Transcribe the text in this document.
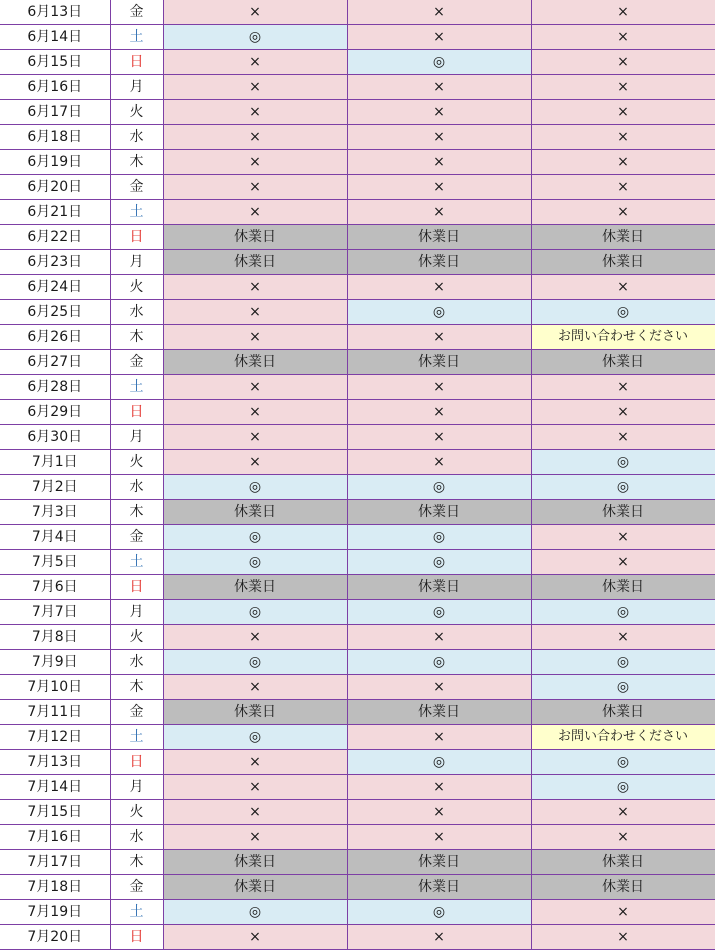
6月13日	金	×	×	×
6月14日	土	◎	×	×
6月15日	日	×	◎	×
6月16日	月	×	×	×
6月17日	火	×	×	×
6月18日	水	×	×	×
6月19日	木	×	×	×
6月20日	金	×	×	×
6月21日	土	×	×	×
6月22日	日	休業日	休業日	休業日
6月23日	月	休業日	休業日	休業日
6月24日	火	×	×	×
6月25日	水	×	◎	◎
6月26日	木	×	×	お問い合わせください
6月27日	金	休業日	休業日	休業日
6月28日	土	×	×	×
6月29日	日	×	×	×
6月30日	月	×	×	×
7月1日	火	×	×	◎
7月2日	水	◎	◎	◎
7月3日	木	休業日	休業日	休業日
7月4日	金	◎	◎	×
7月5日	土	◎	◎	×
7月6日	日	休業日	休業日	休業日
7月7日	月	◎	◎	◎
7月8日	火	×	×	×
7月9日	水	◎	◎	◎
7月10日	木	×	×	◎
7月11日	金	休業日	休業日	休業日
7月12日	土	◎	×	お問い合わせください
7月13日	日	×	◎	◎
7月14日	月	×	×	◎
7月15日	火	×	×	×
7月16日	水	×	×	×
7月17日	木	休業日	休業日	休業日
7月18日	金	休業日	休業日	休業日
7月19日	土	◎	◎	×
7月20日	日	×	×	×
